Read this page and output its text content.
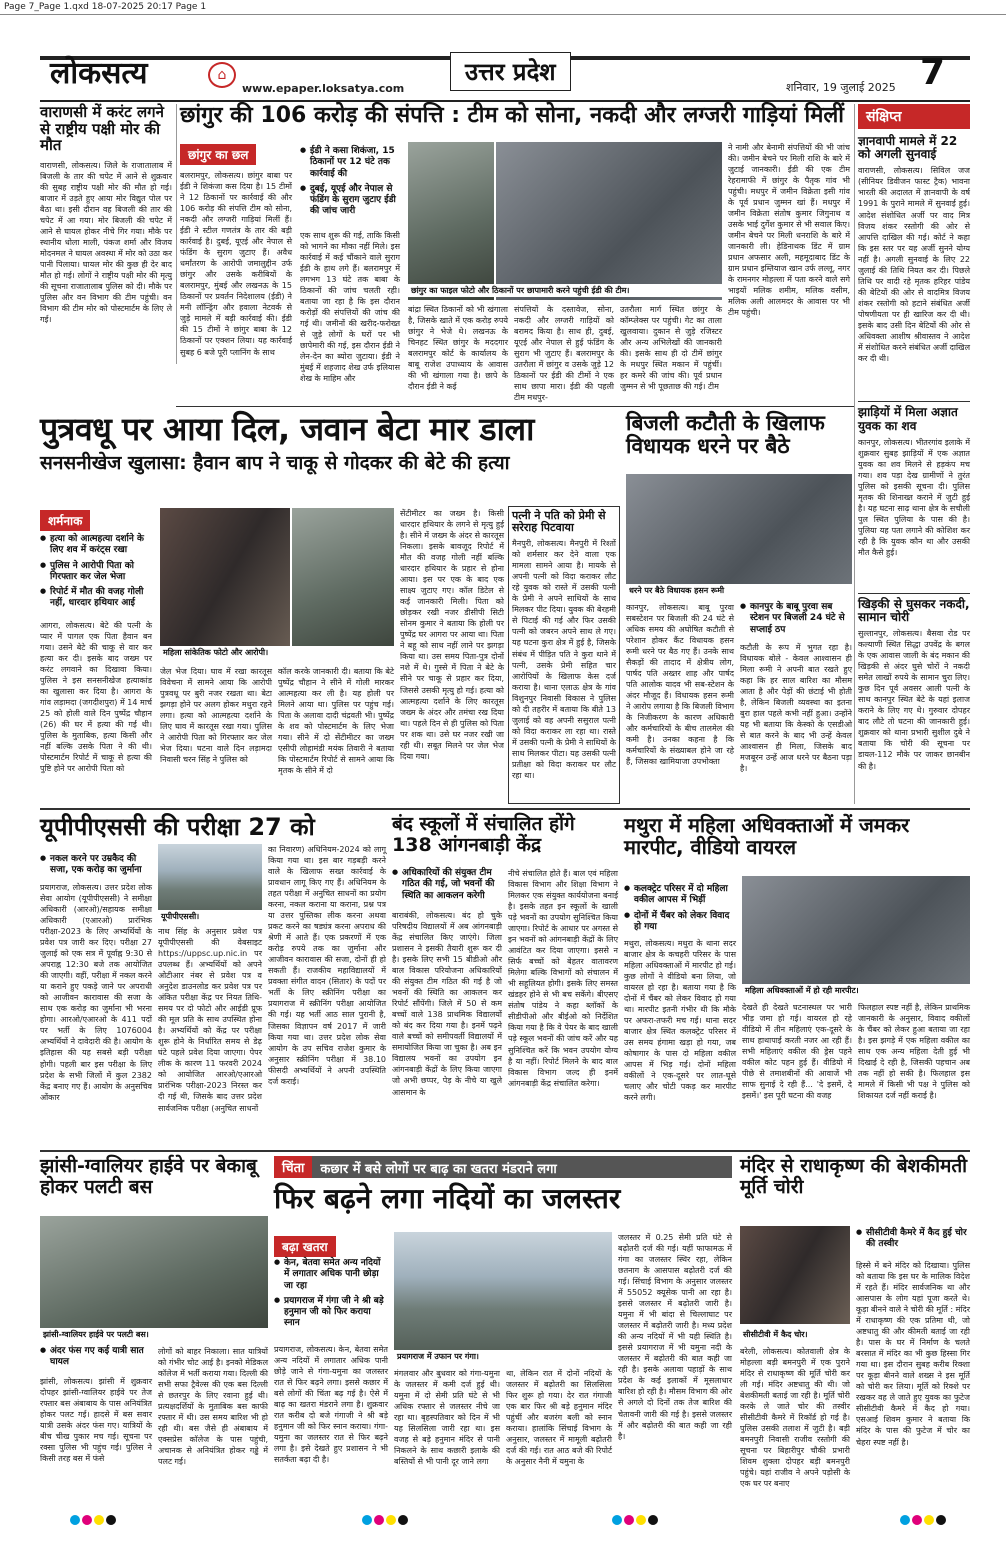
Page 7_Page 1.qxd 18-07-2025 20:17 Page 1
लोकसत्य	⌂
www.epaper.loksatya.com
उत्तर प्रदेश
शनिवार, 19 जुलाई 2025 7
वाराणसी में करंट लगने से राष्ट्रीय पक्षी मोर की मौत
वाराणसी, लोकसत्य। जिले के राजातालाब में बिजली के तार की चपेट में आने से शुक्रवार की सुबह राष्ट्रीय पक्षी मोर की मौत हो गई। बाजार में उड़ते हुए आया मोर विद्युत पोल पर बैठा था। इसी दौरान वह बिजली की तार की चपेट में आ गया। मोर बिजली की चपेट में आने से घायल होकर नीचे गिर गया। मौके पर स्थानीय धोला माली, पंकज शर्मा और विजय मोदनमल ने घायल अवस्था में मोर को उठा कर पानी पिलाया। घायल मोर की कुछ ही देर बाद मौत हो गई। लोगों ने राष्ट्रीय पक्षी मोर की मृत्यु की सूचना राजातालाब पुलिस को दी। मौके पर पुलिस और वन विभाग की टीम पहुंची। वन विभाग की टीम मोर को पोस्टमार्टम के लिए ले गई।
छांगुर की 106 करोड़ की संपत्ति : टीम को सोना, नकदी और लग्जरी गाड़ियां मिलीं
छांगुर का छल
●	ईडी ने कसा शिकंजा, 15 ठिकानों पर 12 घंटे तक कार्रवाई की
● दुबई, यूएई और नेपाल से फंडिंग के सुराग जुटाए ईडी की जांच जारी
बलरामपुर, लोकसत्य। छांगुर बाबा पर ईडी ने शिकंजा कस दिया है। 15 टीमों ने 12 ठिकानों पर कार्रवाई की और 106 करोड़ की संपत्ति टीम को सोना, नकदी और लग्जरी गाड़ियां मिलीं हैं। ईडी ने स्टील गणतंत्र के तार की बड़ी कार्रवाई है। दुबई, यूएई और नेपाल से फंडिंग के सुराग जुटाए हैं। अवैध धर्मांतरण के आरोपी जमालुद्दीन उर्फ छांगुर और उसके करीबियों के बलरामपुर, मुंबई और लखनऊ के 15 ठिकानों पर प्रवर्तन निदेशालय (ईडी) ने मनी लॉन्ड्रिंग और हवाला नेटवर्क से जुड़े मामले में बड़ी कार्रवाई की। ईडी की 15 टीमों ने छांगुर बाबा के 12 ठिकानों पर एक्शन लिया। यह कार्रवाई सुबह 6 बजे पूरी प्लानिंग के साथ
एक साथ शुरू की गई, ताकि किसी को भागने का मौका नहीं मिले। इस कार्रवाई में कई चौंकाने वाले सुराग ईडी के हाथ लगे हैं। बलरामपुर में लगभग 13 घंटे तक बाबा के ठिकानों की जांच चलती रही। बताया जा रहा है कि इस दौरान करोड़ों की संपत्तियों की जांच की गई थी। जमीनों की खरीद-फरोख्त से जुड़े लोगों के घरों पर भी छापेमारी की गई, इस दौरान ईडी ने लेन-देन का ब्योरा जुटाया। ईडी ने मुंबई में शहजाद शेख उर्फ इलियास शेख के माहिम और
छांगुर का फाइल फोटो और ठिकानों पर छापामारी करने पहुंची ईडी की टीम।
बांद्रा स्थित ठिकानों को भी खंगाला है, जिसके खाते में एक करोड़ रुपये छांगुर ने भेजे थे। लखनऊ के चिनहट स्थित छांगुर के मददगार बलरामपुर कोर्ट के कार्यालय के बाबू राजेश उपाध्याय के आवास की भी खंगाला गया है। छापे के दौरान ईडी ने कई
संपत्तियों के दस्तावेज, सोना, नकदी और लग्जरी गाड़ियों को बरामद किया है। साथ ही, दुबई, यूएई और नेपाल से हुई फंडिंग के सुराग भी जुटाए हैं। बलरामपुर के उतरौला में छांगुर व उसके जुड़े 12 ठिकानों पर ईडी की टीमों ने एक साथ छापा मारा। ईडी की पहली टीम मधपुर-
उतरौला मार्ग स्थित छांगुर के कॉम्प्लेक्स पर पहुंची। गेट का ताला खुलवाया। दुकान से जुड़े रजिस्टर और अन्य अभिलेखों की जानकारी की। इसके साथ ही दो टीमें छांगुर के मधपुर स्थित मकान में पहुंचीं। हर कमरे की जांच की। पूर्व प्रधान जुम्मन से भी पूछताछ की गई। टीम
ने नामी और बेनामी संपत्तियों की भी जांच की। जमीन बेचने पर मिली राशि के बारे में जुटाई जानकारी। ईडी की एक टीम रेहरामाफी में छांगुर के पैतृक गांव भी पहुंची। मधपुर में जमीन विक्रेता इसी गांव के पूर्व प्रधान जुम्मन खां हैं। मधपुर में जमीन विक्रेता संतोष कुमार जिगुनाथ व उसके भाई दुर्गेश कुमार से भी सवाल किए। जमीन बेचने पर मिली धनराशि के बारे में जानकारी ली। हेडिनाथक डिंट में ग्राम प्रधान अफसार अली, महमूदाबाद डिंट के ग्राम प्रधान इम्तियाज खान उर्फ लल्लू, नगर के रामनगर मोहल्ला में पता करने वाले सगे भाइयों मलिक शमीम, मलिक वसीम, मलिक अली आलमदर के आवास पर भी टीम पहुंची।
संक्षिप्त
ज्ञानवापी मामले में 22 को अगली सुनवाई
वाराणसी, लोकसत्य। सिविल जज (सीनियर डिवीजन फास्ट ट्रैक) भावना भारती की अदालत में ज्ञानवापी के वर्ष 1991 के पुराने मामले में सुनवाई हुई। आदेश संशोधित अर्जी पर वाद मित्र विजय शंकर रस्तोगी की ओर से आपत्ति दाखिल की गई। कोर्ट ने कहा कि इस स्तर पर यह अर्जी सुनने योग्य नहीं है। अगली सुनवाई के लिए 22 जुलाई की तिथि नियत कर दी। पिछले तिथि पर वादी रहे मृतक हरिहर पांडेय की बेटियों की ओर से वादमित्र विजय शंकर रस्तोगी को हटाने संबंधित अर्जी पोषणीयता पर ही खारिज कर दी थी। इसके बाद उसी दिन बेटियों की ओर से अधिवक्ता आशीष श्रीवास्तव ने आदेश में संशोधित करने संबंधित अर्जी दाखिल कर दी थी।
झाड़ियों में मिला अज्ञात युवक का शव
कानपुर, लोकसत्य। भीतरगांव इलाके में शुक्रवार सुबह झाड़ियों में एक अज्ञात युवक का शव मिलने से हड़कंप मच गया। शव पड़ा देख ग्रामीणों ने तुरंत पुलिस को इसकी सूचना दी। पुलिस मृतक की शिनाख्त कराने में जुटी हुई है। यह घटना साढ़ थाना क्षेत्र के सचौली पुल स्थित पुलिया के पास की है। पुलिया यह पता लगाने की कोशिश कर रही है कि युवक कौन था और उसकी मौत कैसे हुई।
खिड़की से घुसकर नकदी, सामान चोरी
सुल्तानपुर, लोकसत्य। बैसवा रोड पर कल्याणी स्थित सिद्धा उपवेंद्र के बगल के एक आवास जाली के बंद मकान की खिड़की से अंदर घुसे चोरों ने नकदी समेत लाखों रुपये के सामान चुरा लिए। कुछ दिन पूर्व अवसर आली पत्नी के साथ कानपुर स्थित बेटे के यहां इलाज कराने के लिए गए थे। गुरुवार दोपहर बाद लौटे तो घटना की जानकारी हुई। शुक्रवार को थाना प्रभारी सुशील दुबे ने बताया कि चोरी की सूचना पर डायल-112 मौके पर जाकर छानबीन की है।
पुत्रवधू पर आया दिल, जवान बेटा मार डाला
सनसनीखेज खुलासा: हैवान बाप ने चाकू से गोदकर की बेटे की हत्या
शर्मनाक
● हत्या को आत्महत्या दर्शाने के लिए शव में करंट्स रखा
● पुलिस ने आरोपी पिता को गिरफ्तार कर जेल भेजा
● रिपोर्ट में मौत की वजह गोली नहीं, धारदार हथियार आई
आगरा, लोकसत्य। बेटे की पत्नी के प्यार में पागल एक पिता हैवान बन गया। उसने बेटे की चाकू से वार कर हत्या कर दी। इसके बाद जख्म पर करंट लगवाने का दिखावा किया। पुलिस ने इस सनसनीखेज हत्याकांड का खुलासा कर दिया है। आगरा के गांव लड़ामदा (जगदीशपुरा) में 14 मार्च 25 को होली वाले दिन पुष्पेंद्र चौहान (26) की घर में हत्या की गई थी। पुलिस के मुताबिक, हत्या किसी और नहीं बल्कि उसके पिता ने की थी। पोस्टमार्टम रिपोर्ट में चाकू से हत्या की पुष्टि होने पर आरोपी पिता को
महिला सांकेतिक फोटो और आरोपी।
जेल भेज दिया। घाव में रखा कारतूस विवेचना में सामने आया कि आरोपी पुत्रवधू पर बुरी नजर रखता था। बेटा झगड़ा होने पर अलग होकर मथुरा रहने लगा। हत्या को आत्महत्या दर्शाने के लिए घाव में कारतूस रखा गया। पुलिस ने आरोपी पिता को गिरफ्तार कर जेल भेज दिया। घटना वाले दिन लड़ामदा निवासी चरन सिंह ने पुलिस को
कॉल करके जानकारी दी। बताया कि बेटे पुष्पेंद्र चौहान ने सीने में गोली मारकर आत्महत्या कर ली है। यह होली पर मिलने आया था। पुलिस पर पहुंच गई। पिता के अलावा दादी चंद्रवती भी। पुष्पेंद्र के शव को पोस्टमार्टम के लिए भेजा गया। सीने में दो सेंटीमीटर का जख्म एसीपी लोहामंडी मयंक तिवारी ने बताया कि पोस्टमार्टम रिपोर्ट से सामने आया कि मृतक के सीने में दो
सेंटीमीटर का जख्म है। किसी धारदार हथियार के लगने से मृत्यु हुई है। सीने में जख्म के अंदर से कारतूस निकला। इसके बावजूद रिपोर्ट में मौत की वजह गोली नहीं बल्कि धारदार हथियार के प्रहार से होना आया। इस पर एक के बाद एक साक्ष्य जुटाए गए। कॉल डिटेल से कई जानकारी मिली। पिता को छोड़कर रखी नजर डीसीपी सिटी सोनम कुमार ने बताया कि होली पर पुष्पेंद्र घर आगरा पर आया था। पिता ने बहू को साथ नहीं लाने पर झगड़ा किया था। उस समय पिता-पुत्र दोनों नशे में थे। गुस्से में पिता ने बेटे के सीने पर चाकू से प्रहार कर दिया, जिससे उसकी मृत्यु हो गई। हत्या को आत्महत्या दर्शाने के लिए कारतूस जख्म के अंदर और तमंचा रख दिया था। पहले दिन से ही पुलिस को पिता पर शक था। उसे घर नजर रखी जा रही थी। सबूत मिलने पर जेल भेज दिया गया।
पत्नी ने पति को प्रेमी से सरेराह पिटवाया
मैनपुरी, लोकसत्य। मैनपुरी में रिश्तों को शर्मसार कर देने वाला एक मामला सामने आया है। मायके से अपनी पत्नी को विदा कराकर लौट रहे युवक को रास्ते में उसकी पत्नी के प्रेमी ने अपने साथियों के साथ मिलकर पीट दिया। युवक की बेरहमी से पिटाई की गई और फिर उसकी पत्नी को जबरन अपने साथ ले गए। यह घटना कुरा क्षेत्र में हुई है, जिसके संबंध में पीड़ित पति ने कुरा थाने में पत्नी, उसके प्रेमी सहित चार आरोपियों के खिलाफ केस दर्ज कराया है। थाना एलाऊ क्षेत्र के गांव विशुनपुर निवासी विकास ने पुलिस को दी तहरीर में बताया कि बीते 13 जुलाई को वह अपनी ससुराल पत्नी को विदा कराकर ला रहा था। रास्ते में उसकी पत्नी के प्रेमी ने साथियों के साथ मिलकर पीटा। यह उसकी पत्नी प्रतीक्षा को विदा कराकर घर लौट रहा था।
बिजली कटौती के खिलाफ विधायक धरने पर बैठे
धरने पर बैठे विधायक हसन रूमी
कानपुर, लोकसत्य। बाबू पुरवा सबस्टेशन पर बिजली की 24 घंटे से अधिक समय की अघोषित कटौती से परेशान होकर कैंट विधायक हसन रूमी धरने पर बैठ गए हैं। उनके साथ सैकड़ों की तादाद में क्षेत्रीय लोग, पार्षद पति अख्तर शाह और पार्षद पति आलोक यादव भी सब-स्टेशन के अंदर मौजूद हैं। विधायक हसन रूमी ने आरोप लगाया है कि बिजली विभाग के निजीकरण के कारण अधिकारी और कर्मचारियों के बीच तालमेल की कमी है। उनका कहना है कि कर्मचारियों के संख्याबल होने जा रहे हैं, जिसका खामियाजा उपभोक्ता
● कानपुर के बाबू पुरवा सब स्टेशन पर बिजली 24 घंटे से सप्लाई ठप
कटौती के रूप में भुगत रहा है। विधायक बोले - केवल आश्वासन ही मिला रूमी ने अपनी बात रखते हुए कहा कि हर साल बारिश का मौसम आता है और पेड़ों की छंटाई भी होती है, लेकिन बिजली व्यवस्था का इतना बुरा हाल पहले कभी नहीं हुआ। उन्होंने यह भी बताया कि केस्को के एसडीओ से बात करने के बाद भी उन्हें केवल आश्वासन ही मिला, जिसके बाद मजबूरन उन्हें आज धरने पर बैठना पड़ा है।
यूपीपीएससी की परीक्षा 27 को
● नकल करने पर उम्रकैद की सजा, एक करोड़ का जुर्माना
प्रयागराज, लोकसत्य। उत्तर प्रदेश लोक सेवा आयोग (यूपीपीएससी) ने समीक्षा अधिकारी (आरओ)/सहायक समीक्षा अधिकारी (एआरओ) प्रारंभिक परीक्षा-2023 के लिए अभ्यर्थियों के प्रवेश पत्र जारी कर दिए। परीक्षा 27 जुलाई को एक सत्र में पूर्वाह्न 9:30 से अपराह्न 12:30 बजे तक आयोजित की जाएगी। वहीं, परीक्षा में नकल करने या कराने हुए पकड़े जाने पर अपराधी को आजीवन कारावास की सजा के साथ एक करोड़ का जुर्माना भी भरना होगा। आरओ/एआरओ के 411 पदों पर भर्ती के लिए 1076004 अभ्यर्थियों ने दावेदारी की है। आयोग के इतिहास की यह सबसे बड़ी परीक्षा होगी। पहली बार इस परीक्षा के लिए प्रदेश के सभी जिलों में कुल 2382 केंद्र बनाए गए हैं। आयोग के अनुसचिव ओंकार
यूपीपीएससी।
नाथ सिंह के अनुसार प्रवेश पत्र यूपीपीएससी की वेबसाइट https://uppsc.up.nic.in पर उपलब्ध हैं। अभ्यर्थियों को अपने ओटीआर नंबर से प्रवेश पत्र व अनुदेश डाउनलोड कर प्रवेश पत्र पर अंकित परीक्षा केंद्र पर नियत तिथि-समय पर दो फोटो और आईडी प्रूफ की मूल प्रति के साथ उपस्थित होना है। अभ्यर्थियों को केंद्र पर परीक्षा शुरू होने के निर्धारित समय से डेढ़ घंटे पहले प्रवेश दिया जाएगा। पेपर लीक के कारण 11 फरवरी 2024 को आयोजित आरओ/एआरओ प्रारंभिक परीक्षा-2023 निरस्त कर दी गई थी, जिसके बाद उत्तर प्रदेश सार्वजनिक परीक्षा (अनुचित साधनों
का निवारण) अधिनियम-2024 को लागू किया गया था। इस बार गड़बड़ी करने वाले के खिलाफ सख्त कार्रवाई के प्रावधान लागू किए गए हैं। अधिनियम के तहत परीक्षा में अनुचित साधनों का प्रयोग करना, नकल कराना या कराना, प्रश्न पत्र या उत्तर पुस्तिका लीक करना अथवा प्रकट करने का षड्यंत्र करना अपराध की श्रेणी में आते हैं। एक प्रकरणों में एक करोड़ रुपये तक का जुर्माना और आजीवन कारावास की सजा, दोनों ही हो सकती हैं। राजकीय महाविद्यालयों में प्रवक्ता संगीत वादन (सितार) के पदों पर भर्ती के लिए स्क्रीनिंग परीक्षा का प्रयागराज में स्क्रीनिंग परीक्षा आयोजित की गई। यह भर्ती आठ साल पुरानी है, जिसका विज्ञापन वर्ष 2017 में जारी किया गया था। उत्तर प्रदेश लोक सेवा आयोग के उप सचिव राजेश कुमार के अनुसार स्क्रीनिंग परीक्षा में 38.10 फीसदी अभ्यर्थियों ने अपनी उपस्थिति दर्ज कराई।
बंद स्कूलों में संचालित होंगे 138 आंगनबाड़ी केंद्र
● अधिकारियों की संयुक्त टीम गठित की गई, जो भवनों की स्थिति का आकलन करेगी
बाराबंकी, लोकसत्य। बंद हो चुके परिषदीय विद्यालयों में अब आंगनबाड़ी केंद्र संचालित किए जाएंगे। जिला प्रशासन ने इसकी तैयारी शुरू कर दी है। इसके लिए सभी 15 बीडीओ और बाल विकास परियोजना अधिकारियों की संयुक्त टीम गठित की गई है जो भवनों की स्थिति का आकलन कर रिपोर्ट सौंपेंगी। जिले में 50 से कम बच्चों वाले 138 प्राथमिक विद्यालयों को बंद कर दिया गया है। इनमें पढ़ने वाले बच्चों को समीपवर्ती विद्यालयों में समायोजित किया जा चुका है। अब इन विद्यालय भवनों का उपयोग इन आंगनबाड़ी केंद्रों के लिए किया जाएगा जो अभी छप्पर, पेड़ के नीचे या खुले आसमान के
नीचे संचालित होते हैं। बाल एवं महिला विकास विभाग और शिक्षा विभाग ने मिलकर एक संयुक्त कार्ययोजना बनाई है। इसके तहत इन स्कूलों के खाली पड़े भवनों का उपयोग सुनिश्चित किया जाएगा। रिपोर्ट के आधार पर अगस्त से इन भवनों को आंगनबाड़ी केंद्रों के लिए आवंटित कर दिया जाएगा। इससे न सिर्फ बच्चों को बेहतर वातावरण मिलेगा बल्कि विभागों को संचालन में भी सहूलियत होगी। इसके लिए समस्त खंडहर होने से भी बच सकेंगे। बीएसए संतोष पांडेय ने कहा ब्लॉकों के सीडीपीओ और बीईओ को निर्देशित किया गया है कि वे पेयर के बाद खाली पड़े स्कूल भवनों की जांच करें और यह सुनिश्चित करें कि भवन उपयोग योग्य है या नहीं। रिपोर्ट मिलने के बाद बाल विकास विभाग जल्द ही इनमें आंगनबाड़ी केंद्र संचालित करेगा।
मथुरा में महिला अधिवक्ताओं में जमकर मारपीट, वीडियो वायरल
● कलक्ट्रेट परिसर में दो महिला वकील आपस में भिड़ीं
● दोनों में चैंबर को लेकर विवाद हो गया
मथुरा, लोकसत्य। मथुरा के थाना सदर बाजार क्षेत्र के कचहरी परिसर के पास महिला अधिवक्ताओं में मारपीट हो गई। कुछ लोगों ने वीडियो बना लिया, जो वायरल हो रहा है। बताया गया है कि दोनों में चैंबर को लेकर विवाद हो गया था। मारपीट इतनी गंभीर थी कि मौके पर अफरा-तफरी मच गई। थाना सदर बाजार क्षेत्र स्थित कलक्ट्रेट परिसर में उस समय हंगामा खड़ा हो गया, जब कोषागार के पास दो महिला वकील आपस में भिड़ गई। दोनों महिला वकीलों ने एक-दूसरे पर लात-घूसे चलाए और चोटी पकड़ कर मारपीट करने लगी।
महिला अधिवक्ताओं में हो रही मारपीट।
देखते ही देखते घटनास्थल पर भारी भीड़ जमा हो गई। वायरल हो रहे वीडियो में तीन महिलाएं एक-दूसरे के साथ हाथापाई करती नजर आ रही हैं। सभी महिलाएं वकील की ड्रेस पहने वकील कोट पहन हुई हैं। वीडियो में पीछे से तमाशबीनों की आवाजें भी साफ सुनाई दे रही हैं... 'दे इसमें, दे इसमें।' इस पूरी घटना की वजह
फिलहाल स्पष्ट नहीं है, लेकिन प्राथमिक जानकारी के अनुसार, विवाद वकीलों के चैंबर को लेकर हुआ बताया जा रहा है। इस झगड़े में एक महिला वकील का साथ एक अन्य महिला देती हुई भी दिखाई दे रही है, जिसकी पहचान अब तक नहीं हो सकी है। फिलहाल इस मामले में किसी भी पक्ष ने पुलिस को शिकायत दर्ज नहीं कराई है।
झांसी-ग्वालियर हाईवे पर बेकाबू होकर पलटी बस
झांसी-ग्वालियर हाईवे पर पलटी बस।
● अंदर फंस गए कई यात्री सात घायल
झांसी, लोकसत्य। झांसी में शुक्रवार दोपहर झांसी-ग्वालियर हाईवे पर तेज रफ्तार बस अंबाबाय के पास अनियंत्रित होकर पलट गई। हादसे में बस सवार यात्री उसके अंदर फंस गए। यात्रियों के बीच चीख पुकार मच गई। सूचना पर रक्सा पुलिस भी पहुंच गई। पुलिस ने किसी तरह बस में फंसे
लोगों को बाहर निकाला। सात यात्रियों को गंभीर चोट आई है। इनको मेडिकल कॉलेज में भर्ती कराया गया। दिल्ली की सभी सफा ट्रैवेल्स की एक बस दिल्ली से छतरपुर के लिए रवाना हुई थी। प्रत्यक्षदर्शियों के मुताबिक बस काफी रफ्तार में थी। उस समय बारिश भी हो रही थी। बस जैसे ही अंबाबाय में एक्सप्रेस कॉलेज के पास पहुंची, अचानक से अनियंत्रित होकर गड्ढे में पलट गई।
चिंता	कछार में बसे लोगों पर बाढ़ का खतरा मंडराने लगा
फिर बढ़ने लगा नदियों का जलस्तर
बढ़ा खतरा
● केन, बेतवा समेत अन्य नदियों में लगातार अधिक पानी छोड़ा जा रहा
● प्रयागराज में गंगा जी ने श्री बड़े हनुमान जी को फिर कराया स्नान
प्रयागराज में उफान पर गंगा।
प्रयागराज, लोकसत्य। केन, बेतवा समेत अन्य नदियों में लगातार अधिक पानी छोड़े जाने से गंगा-यमुना का जलस्तर रात से फिर बढ़ने लगा। इससे कछार में बसे लोगों की चिंता बढ़ गई है। ऐसे में बाढ़ का खतरा मंडराने लगा है। शुक्रवार रात करीब दो बजे गंगाजी ने श्री बड़े हनुमान जी को फिर स्नान कराया। गंगा-यमुना का जलस्तर रात से फिर बढ़ने लगा है। इसे देखते हुए प्रशासन ने भी सतर्कता बढ़ा दी है।
मंगलवार और बुधवार को गंगा-यमुना के जलस्तर में कमी दर्ज हुई थी। यमुना में दो सेमी प्रति घंटे से भी अधिक रफ्तार से जलस्तर नीचे जा रहा था। बृहस्पतिवार को दिन में भी यह सिलसिला जारी रहा था। इस वजह से बड़े हनुमान मंदिर से पानी निकलने के साथ कछारी इलाके की बस्तियों से भी पानी दूर जाने लगा
था, लेकिन रात में दोनों नदियों के जलस्तर में बढ़ोतरी का सिलसिला फिर शुरू हो गया। देर रात गंगाजी एक बार फिर श्री बड़े हनुमान मंदिर पहुंचीं और बजरंग बली को स्नान कराया। हालांकि सिंचाई विभाग के अनुसार, जलस्तर में मामूली बढ़ोतरी दर्ज की गई। रात आठ बजे की रिपोर्ट के अनुसार नैनी में यमुना के
जलस्तर में 0.25 सेमी प्रति घंटे से बढ़ोतरी दर्ज की गई। यहीं फाफामऊ में गंगा का जलस्तर स्थिर रहा, लेकिन छतनाग के आसपास बढ़ोतरी दर्ज की गई। सिंचाई विभाग के अनुसार जलस्तर में 55052 क्यूसेक पानी आ रहा है। इससे जलस्तर में बढ़ोतरी जारी है। यमुना में भी बांदा से चिल्लाघाट पर जलस्तर में बढ़ोतरी जारी है। मध्य प्रदेश की अन्य नदियों में भी यही स्थिति है। इससे प्रयागराज में भी यमुना नदी के जलस्तर में बढ़ोतरी की बात कही जा रही है। इसके अलावा पहाड़ों के साथ प्रदेश के कई इलाकों में मूसलाधार बारिश हो रही है। मौसम विभाग की ओर से अगले दो दिनों तक तेज बारिश की चेतावनी जारी की गई है। इससे जलस्तर में और बढ़ोतरी की बात कही जा रही है।
मंदिर से राधाकृष्ण की बेशकीमती मूर्ति चोरी
सीसीटीवी में कैद चोर।
बरेली, लोकसत्य। कोतवाली क्षेत्र के मोहल्ला बड़ी बमनपुरी में एक पुराने मंदिर से राधाकृष्ण की मूर्ति चोरी कर ली गई। मंदिर अष्टधातु की थी। जो बेशकीमती बताई जा रही है। मूर्ति चोरी करके ले जाते चोर की तस्वीर सीसीटीवी कैमरे में रिकॉर्ड हो गई है। पुलिस उसकी तलाश में जुटी है। बड़ी बमनपुरी निवासी राजीव रस्तोगी की सूचना पर बिहारीपुर चौकी प्रभारी शिवम शुक्ला दोपहर बड़ी बमनपुरी पहुंचे। यहां राजीव ने अपने पड़ोसी के एक घर पर बनाए
● सीसीटीवी कैमरे में कैद हुई चोर की तस्वीर
हिस्से में बने मंदिर को दिखाया। पुलिस को बताया कि इस घर के मालिक विदेश में रहते हैं। मंदिर सार्वजनिक था और आसपास के लोग यहां पूजा करते थे। कूड़ा बीनने वाले ने चोरी की मूर्ति : मंदिर में राधाकृष्ण की एक प्रतिमा थी, जो अष्टधातु की और कीमती बताई जा रही है। पास के घर में निर्माण के चलते बरसात में मंदिर का भी कुछ हिस्सा गिर गया था। इस दौरान सुबह करीब रिक्शा पर कूड़ा बीनने वाले शख्स ने इस मूर्ति को चोरी कर लिया। मूर्ति को रिक्शे पर रखकर वह ले जाते हुए युवक का फुटेज सीसीटीवी कैमरे में कैद हो गया। एसआई शिवम कुमार ने बताया कि मंदिर के पास की फुटेज में चोर का चेहरा स्पष्ट नहीं है।
